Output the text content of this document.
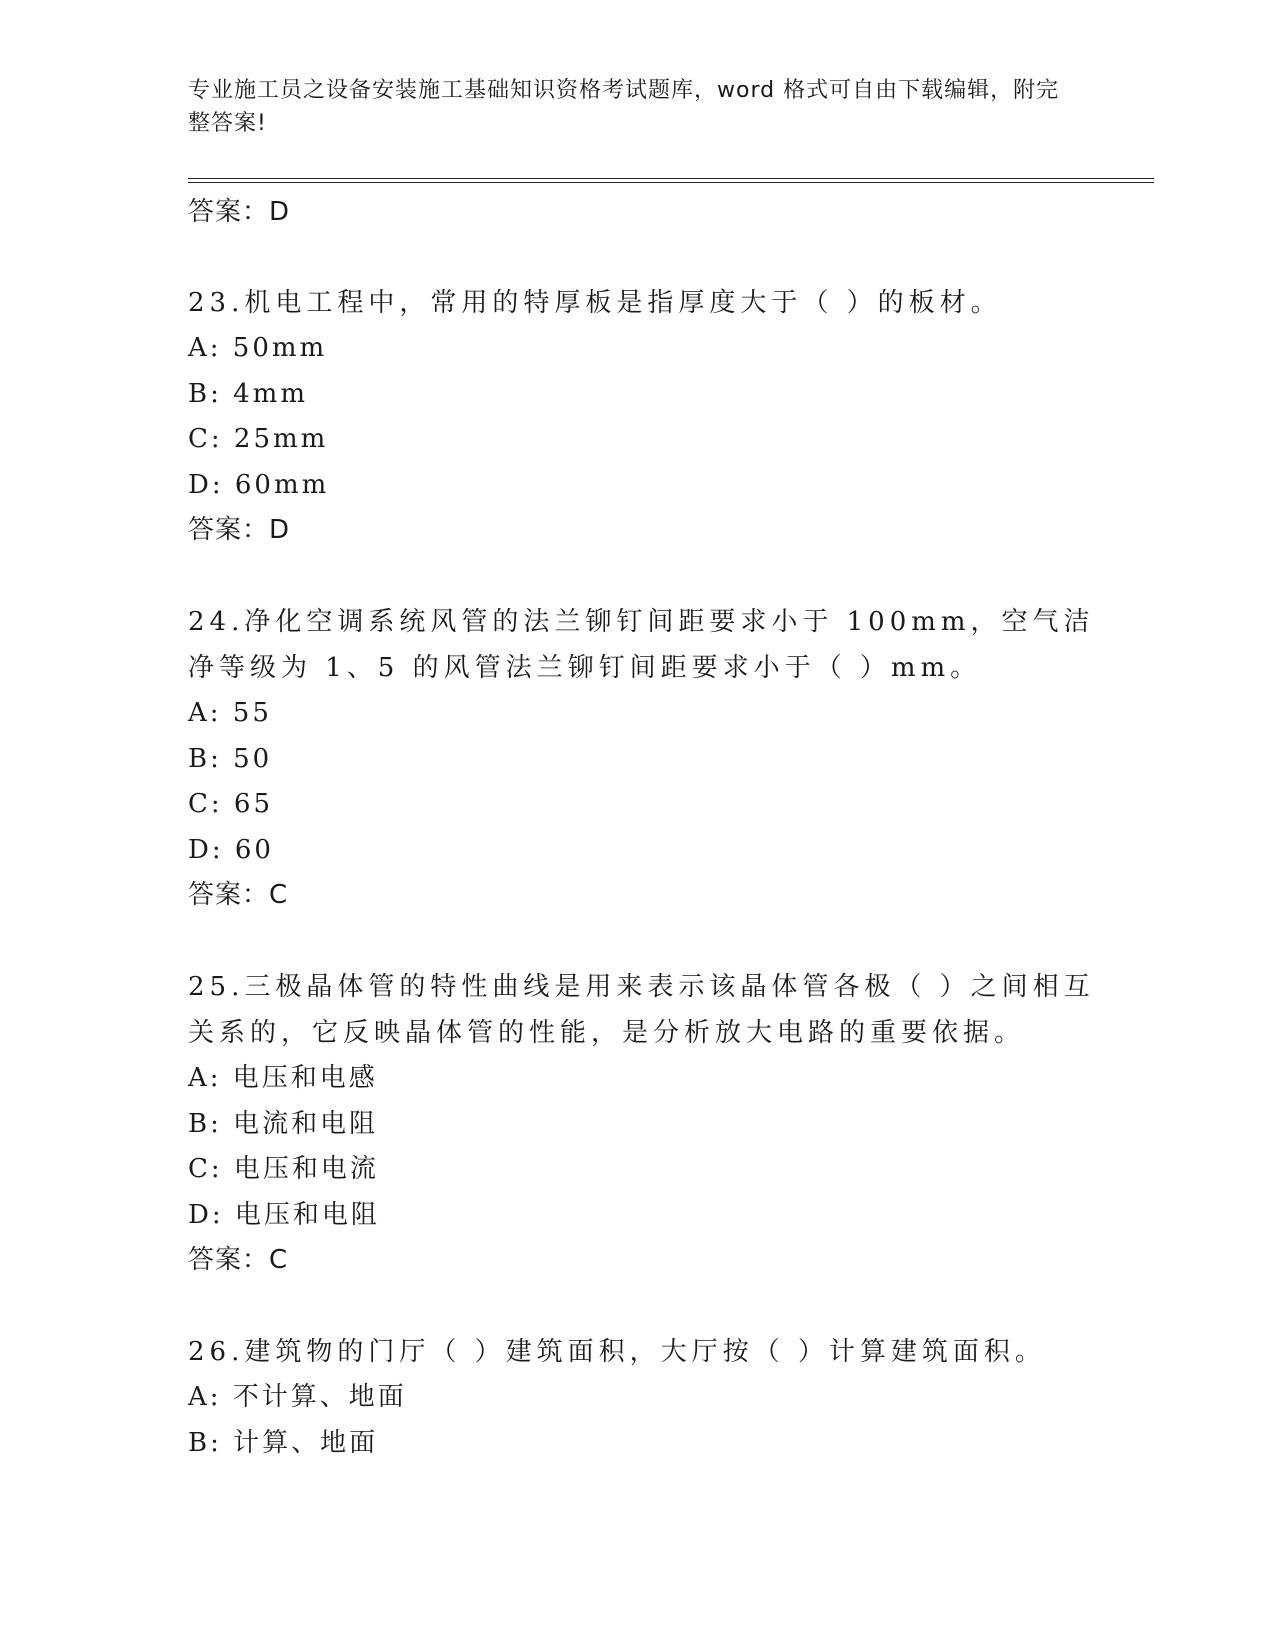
专业施工员之设备安装施工基础知识资格考试题库，word 格式可自由下载编辑，附完整答案!
答案：D
23.机电工程中，常用的特厚板是指厚度大于（ ）的板材。
A: 50mm
B: 4mm
C: 25mm
D: 60mm
答案：D
24.净化空调系统风管的法兰铆钉间距要求小于 100mm，空气洁净等级为 1、5 的风管法兰铆钉间距要求小于（ ）mm。
A: 55
B: 50
C: 65
D: 60
答案：C
25.三极晶体管的特性曲线是用来表示该晶体管各极（ ）之间相互关系的，它反映晶体管的性能，是分析放大电路的重要依据。
A: 电压和电感
B: 电流和电阻
C: 电压和电流
D: 电压和电阻
答案：C
26.建筑物的门厅（ ）建筑面积，大厅按（ ）计算建筑面积。
A: 不计算、地面
B: 计算、地面
